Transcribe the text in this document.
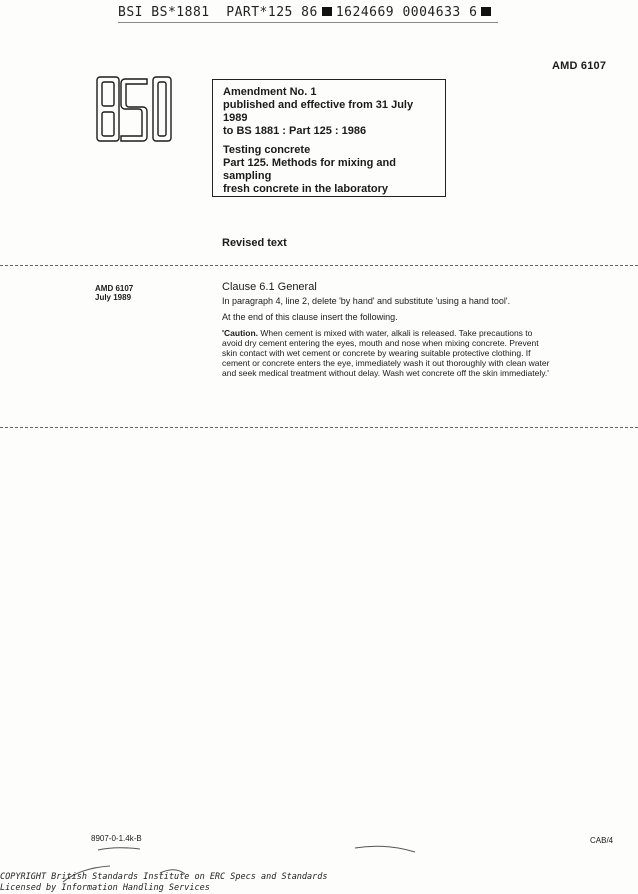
BSI BS*1881  PART*125 86 1624669 0004633 6
AMD 6107
Amendment No. 1
published and effective from 31 July 1989
to BS 1881 : Part 125 : 1986
Testing concrete
Part 125. Methods for mixing and sampling
fresh concrete in the laboratory
Revised text
AMD 6107
July 1989
Clause 6.1 General

In paragraph 4, line 2, delete 'by hand' and substitute 'using a hand tool'.

At the end of this clause insert the following.

'Caution. When cement is mixed with water, alkali is released. Take precautions to avoid dry cement entering the eyes, mouth and nose when mixing concrete. Prevent skin contact with wet cement or concrete by wearing suitable protective clothing. If cement or concrete enters the eye, immediately wash it out thoroughly with clean water and seek medical treatment without delay. Wash wet concrete off the skin immediately.'

8907-0-1.4k-B	CAB/4
COPYRIGHT British Standards Institute on ERC Specs and Standards
Licensed by Information Handling Services
